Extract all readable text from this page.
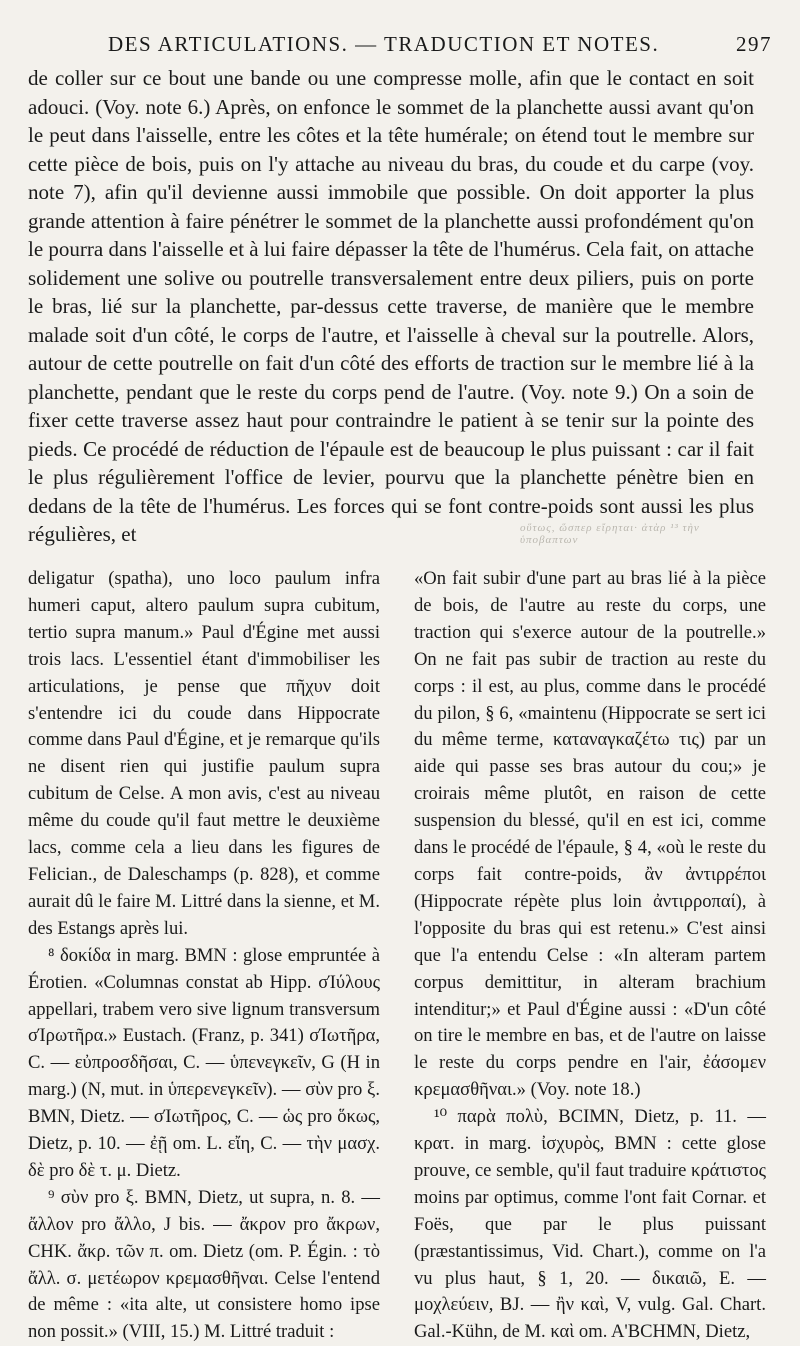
DES ARTICULATIONS. — TRADUCTION ET NOTES.	297

de coller sur ce bout une bande ou une compresse molle, afin que le contact en soit adouci. (Voy. note 6.) Après, on enfonce le sommet de la planchette aussi avant qu'on le peut dans l'aisselle, entre les côtes et la tête humérale; on étend tout le membre sur cette pièce de bois, puis on l'y attache au niveau du bras, du coude et du carpe (voy. note 7), afin qu'il devienne aussi immobile que possible. On doit apporter la plus grande attention à faire pénétrer le sommet de la planchette aussi profondément qu'on le pourra dans l'aisselle et à lui faire dépasser la tête de l'humérus. Cela fait, on attache solidement une solive ou poutrelle transversalement entre deux piliers, puis on porte le bras, lié sur la planchette, par-dessus cette traverse, de manière que le membre malade soit d'un côté, le corps de l'autre, et l'aisselle à cheval sur la poutrelle. Alors, autour de cette poutrelle on fait d'un côté des efforts de traction sur le membre lié à la planchette, pendant que le reste du corps pend de l'autre. (Voy. note 9.) On a soin de fixer cette traverse assez haut pour contraindre le patient à se tenir sur la pointe des pieds. Ce procédé de réduction de l'épaule est de beaucoup le plus puissant : car il fait le plus régulièrement l'office de levier, pourvu que la planchette pénètre bien en dedans de la tête de l'humérus. Les forces qui se font contre-poids sont aussi les plus régulières, et	οὕτως, ὥσπερ εἴρηται· ἀτὰρ ¹³ τὴν ὑποβαπτων

deligatur (spatha), uno loco paulum infra humeri caput, altero paulum supra cubitum, tertio supra manum.» Paul d'Égine met aussi trois lacs. L'essentiel étant d'immobiliser les articulations, je pense que πῆχυν doit s'entendre ici du coude dans Hippocrate comme dans Paul d'Égine, et je remarque qu'ils ne disent rien qui justifie paulum supra cubitum de Celse. A mon avis, c'est au niveau même du coude qu'il faut mettre le deuxième lacs, comme cela a lieu dans les figures de Felician., de Daleschamps (p. 828), et comme aurait dû le faire M. Littré dans la sienne, et M. des Estangs après lui.

⁸ δοκίδα in marg. BMN : glose empruntée à Érotien. «Columnas constat ab Hipp. σΊύλους appellari, trabem vero sive lignum transversum σΊρωτῆρα.» Eustach. (Franz, p. 341) σΊωτῆρα, C. — εὐπροσδῆσαι, C. — ὑπενεγκεῖν, G (H in marg.) (N, mut. in ὑπερενεγκεῖν). — σὺν pro ξ. BMN, Dietz. — σΊωτῆρος, C. — ὡς pro ὅκως, Dietz, p. 10. — ἐῇ om. L. εἴη, C. — τὴν μασχ. δὲ pro δὲ τ. μ. Dietz.

⁹ σὺν pro ξ. BMN, Dietz, ut supra, n. 8. — ἄλλον pro ἄλλο, J bis. — ἄκρον pro ἄκρων, CHK. ἄκρ. τῶν π. om. Dietz (om. P. Égin. : τὸ ἄλλ. σ. μετέωρον κρεμασθῆναι. Celse l'entend de même : «ita alte, ut consistere homo ipse non possit.» (VIII, 15.) M. Littré traduit :

«On fait subir d'une part au bras lié à la pièce de bois, de l'autre au reste du corps, une traction qui s'exerce autour de la poutrelle.» On ne fait pas subir de traction au reste du corps : il est, au plus, comme dans le procédé du pilon, § 6, «maintenu (Hippocrate se sert ici du même terme, καταναγκαζέτω τις) par un aide qui passe ses bras autour du cou;» je croirais même plutôt, en raison de cette suspension du blessé, qu'il en est ici, comme dans le procédé de l'épaule, § 4, «où le reste du corps fait contre-poids, ἂν ἀντιρρέποι (Hippocrate répète plus loin ἀντιρροπαί), à l'opposite du bras qui est retenu.» C'est ainsi que l'a entendu Celse : «In alteram partem corpus demittitur, in alteram brachium intenditur;» et Paul d'Égine aussi : «D'un côté on tire le membre en bas, et de l'autre on laisse le reste du corps pendre en l'air, ἐάσομεν κρεμασθῆναι.» (Voy. note 18.)

¹⁰ παρὰ πολὺ, BCIMN, Dietz, p. 11. — κρατ. in marg. ἰσχυρὸς, BMN : cette glose prouve, ce semble, qu'il faut traduire κράτιστος moins par optimus, comme l'ont fait Cornar. et Foës, que par le plus puissant (præstantissimus, Vid. Chart.), comme on l'a vu plus haut, § 1, 20. — δικαιῶ, E. — μοχλεύειν, BJ. — ἢν καὶ, V, vulg. Gal. Chart. Gal.-Kühn, de M. καὶ om. A'BCHMN, Dietz,
